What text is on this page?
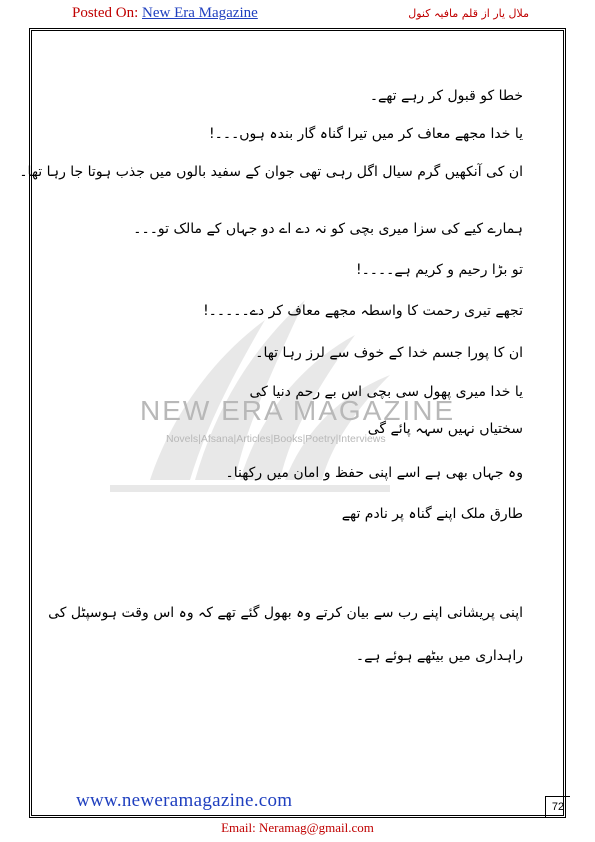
Posted On: New Era Magazine	ملال یار از قلم مافیہ کنول
NEW ERA MAGAZINE
Novels|Afsana|Articles|Books|Poetry|Interviews
خطا کو قبول کر رہے تھے۔
یا خدا مجھے معاف کر میں تیرا گناہ گار بندہ ہوں۔۔۔!
ان کی آنکھیں گرم سیال اگل رہی تھی جوان کے سفید بالوں میں جذب ہوتا جا رہا تھا۔
ہمارے کیے کی سزا میری بچی کو نہ دے اے دو جہاں کے مالک تو۔۔۔
تو بڑا رحیم و کریم ہے۔۔۔۔!
تجھے تیری رحمت کا واسطہ مجھے معاف کر دے۔۔۔۔۔!
ان کا پورا جسم خدا کے خوف سے لرز رہا تھا۔
یا خدا میری پھول سی بچی اس بے رحم دنیا کی
سختیاں نہیں سہہ پائے گی
وہ جہاں بھی ہے اسے اپنی حفظ و امان میں رکھنا۔
طارق ملک اپنے گناہ پر نادم تھے
اپنی پریشانی اپنے رب سے بیان کرتے وہ بھول گئے تھے کہ وہ اس وقت ہوسپٹل کی
راہداری میں بیٹھے ہوئے ہے۔
www.neweramagazine.com	72
Email: Neramag@gmail.com
